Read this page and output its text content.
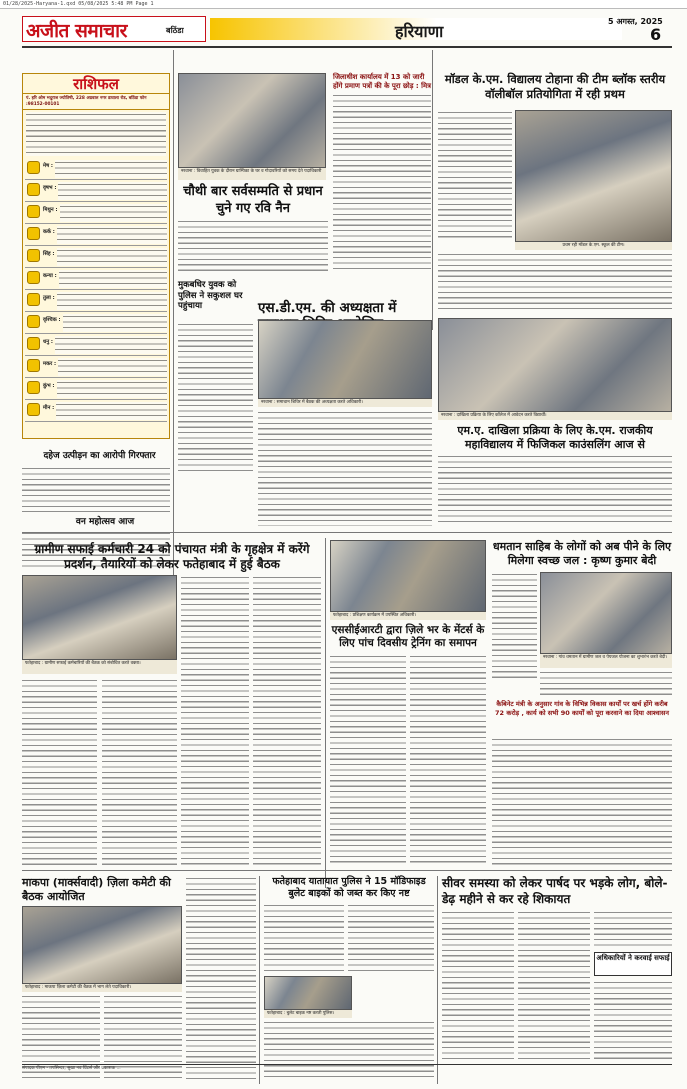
01/28/2025-Haryana-1.qxd 05/08/2025 5:48 PM Page 1
अजीत समाचार	बठिंडा	हरियाणा
5 अगस्त, 2025
6
राशिफल
पं. हरि ओम भदु्राज ज्योतिषी, 228 अग्रवाल नगर डावाला रोड, बठिंडा फोन :98152-00101
मेष :
वृषभ :
मिथुन :
कर्क :
सिंह :
कन्या :
तुला :
वृश्चिक :
धनु :
मकर :
कुंभ :
मीन :
दहेज उत्पीड़न का आरोपी गिरफ्तार
वन महोत्सव आज
नरवाना : विवाहित युवक के दौरान ग्राम्यिका के घर व गोदावरियों को समय देते पदाधिकारी
चौथी बार सर्वसम्मति से प्रधान चुने गए रवि नैन
जिलाधीश कार्यालय में 13 को जारी होंगे प्रमाण पत्रों की के पूरा छोड़ : मित्र	मॉडल के.एम. विद्यालय टोहाना की टीम ब्लॉक स्तरीय वॉलीबॉल प्रतियोगिता में रही प्रथम
प्रथम रही मॉडल के.एम. स्कूल की टीम।
मुकबधिर युवक को पुलिस ने सकुशल घर पहुंचाया	एस.डी.एम. की अध्यक्षता में
नरवाना : समाधान शिविर में बैठक की अध्यक्षता करते अधिकारी।
नरवाना : दाखिला प्रक्रिया के लिए कॉलेज में आवेदन करते विद्यार्थी।
एम.ए. दाखिला प्रक्रिया के लिए के.एम. राजकीय महाविद्यालय में फिजिकल काउंसलिंग आज से
ग्रामीण सफाई कर्मचारी 24 को पंचायत मंत्री के गृहक्षेत्र में करेंगे प्रदर्शन, तैयारियों को लेकर फतेहाबाद में हुई बैठक
फतेहाबाद : ग्रामीण सफाई कर्मचारियों की बैठक को संबोधित करते वक्ता।
फतेहाबाद : प्रशिक्षण कार्यक्रम में उपस्थित अधिकारी।
एससीईआरटी द्वारा ज़िले भर के मेंटर्स के लिए पांच दिवसीय ट्रेनिंग का समापन
धमतान साहिब के लोगों को अब पीने के लिए मिलेगा स्वच्छ जल : कृष्ण कुमार बेदी
नरवाना : गांव धमतान में ग्रामीण जल व पेयजल योजना का शुभारंभ करते बेदी।
कैबिनेट मंत्री के अनुसार गांव के विभिन्न विकास कार्यों पर खर्च होंगे करीब 72 करोड़ ‚ कार्य को सभी 90 कार्यों को पूरा करवाने का दिया आश्वासन
माकपा (मार्क्सवादी) ज़िला कमेटी की बैठक आयोजित
फतेहाबाद : माकपा ज़िला कमेटी की बैठक में भाग लेते पदाधिकारी।
फतेहाबाद यातायात पुलिस ने 15 मॉडिफाइड बुलेट बाइकों को जब्त कर किए नष्ट
फतेहाबाद : बुलेट बाइक नष्ट करती पुलिस।
सीवर समस्या को लेकर पार्षद पर भड़के लोग, बोले-डेढ़ महीने से कर रहे शिकायत
अधिकारियों ने करवाई सफाई
संपादक पीएम - तपसिन्दर, सुखा नव प्रिंटर्स और प्रकाशक ...
